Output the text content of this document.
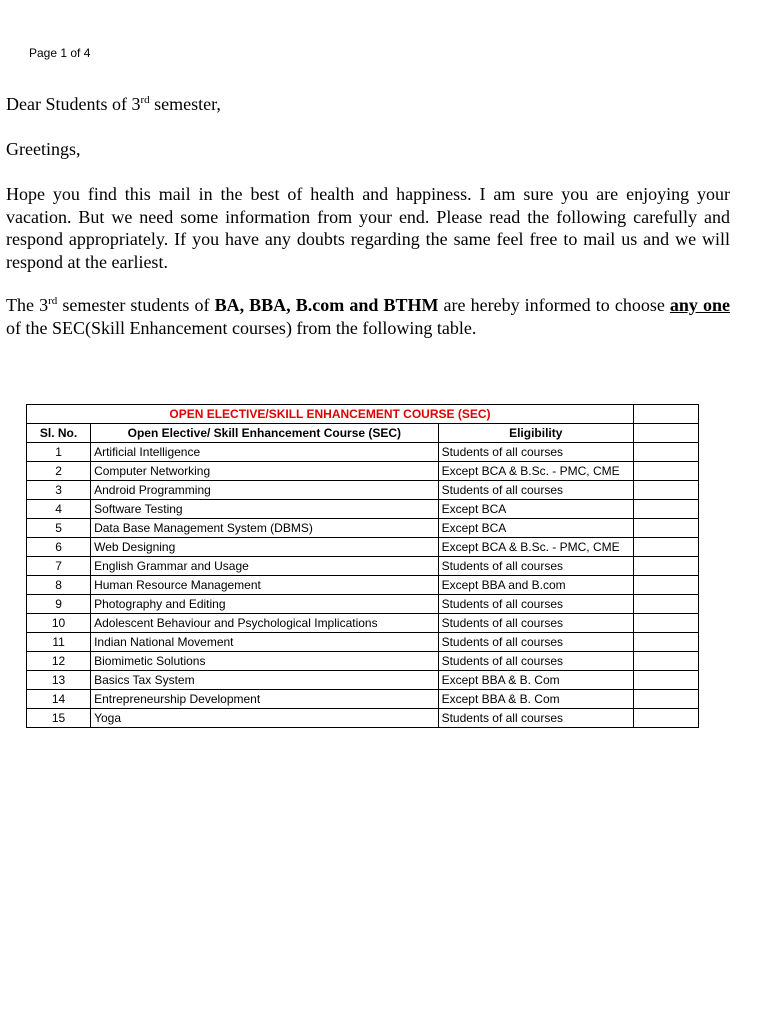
Page 1 of 4

Dear Students of 3rd semester,

Greetings,

Hope you find this mail in the best of health and happiness. I am sure you are enjoying your vacation. But we need some information from your end. Please read the following carefully and respond appropriately. If you have any doubts regarding the same feel free to mail us and we will respond at the earliest.

The 3rd semester students of BA, BBA, B.com and BTHM are hereby informed to choose any one of the SEC(Skill Enhancement courses) from the following table.

OPEN ELECTIVE/SKILL ENHANCEMENT COURSE (SEC)			
Sl. No.	Open Elective/ Skill Enhancement Course (SEC)	Eligibility	
1	Artificial Intelligence	Students of all courses	
2	Computer Networking	Except BCA & B.Sc. - PMC, CME	
3	Android Programming	Students of all courses	
4	Software Testing	Except BCA	
5	Data Base Management System (DBMS)	Except BCA	
6	Web Designing	Except BCA & B.Sc. - PMC, CME	
7	English Grammar and Usage	Students of all courses	
8	Human Resource Management	Except BBA and B.com	
9	Photography and Editing	Students of all courses	
10	Adolescent Behaviour and Psychological Implications	Students of all courses	
11	Indian National Movement	Students of all courses	
12	Biomimetic Solutions	Students of all courses	
13	Basics Tax System	Except BBA & B. Com	
14	Entrepreneurship Development	Except BBA & B. Com	
15	Yoga	Students of all courses	
